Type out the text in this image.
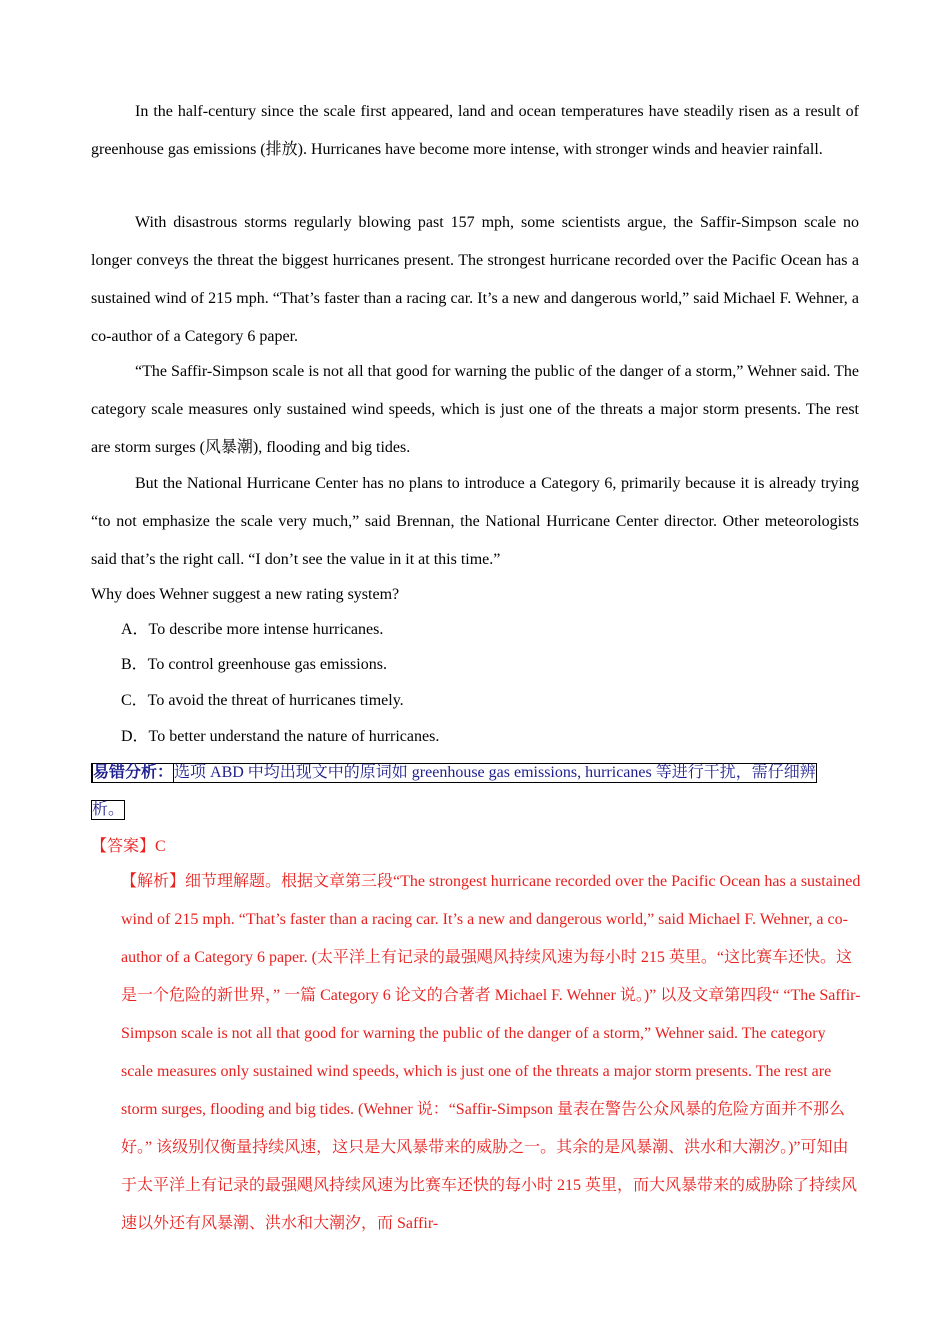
In the half-century since the scale first appeared, land and ocean temperatures have steadily risen as a result of greenhouse gas emissions (排放). Hurricanes have become more intense, with stronger winds and heavier rainfall.
With disastrous storms regularly blowing past 157 mph, some scientists argue, the Saffir-Simpson scale no longer conveys the threat the biggest hurricanes present. The strongest hurricane recorded over the Pacific Ocean has a sustained wind of 215 mph. “That’s faster than a racing car. It’s a new and dangerous world,” said Michael F. Wehner, a co-author of a Category 6 paper.
“The Saffir-Simpson scale is not all that good for warning the public of the danger of a storm,” Wehner said. The category scale measures only sustained wind speeds, which is just one of the threats a major storm presents. The rest are storm surges (风暴潮), flooding and big tides.
But the National Hurricane Center has no plans to introduce a Category 6, primarily because it is already trying “to not emphasize the scale very much,” said Brennan, the National Hurricane Center director. Other meteorologists said that’s the right call. “I don’t see the value in it at this time.”
Why does Wehner suggest a new rating system?
A．To describe more intense hurricanes.
B．To control greenhouse gas emissions.
C．To avoid the threat of hurricanes timely.
D．To better understand the nature of hurricanes.
易错分析：选项 ABD 中均出现文中的原词如 greenhouse gas emissions, hurricanes 等进行干扰，需仔细辨
析。
【答案】C
【解析】细节理解题。根据文章第三段“The strongest hurricane recorded over the Pacific Ocean has a sustained wind of 215 mph. “That’s faster than a racing car. It’s a new and dangerous world,” said Michael F. Wehner, a co-author of a Category 6 paper. (太平洋上有记录的最强飓风持续风速为每小时 215 英里。“这比赛车还快。这是一个危险的新世界，” 一篇 Category 6 论文的合著者 Michael F. Wehner 说。)” 以及文章第四段“ “The Saffir-Simpson scale is not all that good for warning the public of the danger of a storm,” Wehner said. The category scale measures only sustained wind speeds, which is just one of the threats a major storm presents. The rest are storm surges, flooding and big tides. (Wehner 说：“Saffir-Simpson 量表在警告公众风暴的危险方面并不那么好。” 该级别仅衡量持续风速，这只是大风暴带来的威胁之一。其余的是风暴潮、洪水和大潮汐。)”可知由于太平洋上有记录的最强飓风持续风速为比赛车还快的每小时 215 英里，而大风暴带来的威胁除了持续风速以外还有风暴潮、洪水和大潮汐，而 Saffir-
